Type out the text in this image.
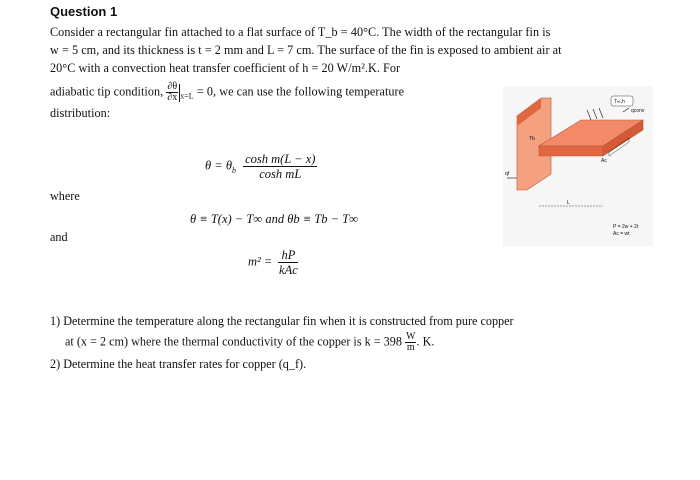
Question 1
Consider a rectangular fin attached to a flat surface of T_b = 40°C. The width of the rectangular fin is
w = 5 cm, and its thickness is t = 2 mm and L = 7 cm. The surface of the fin is exposed to ambient air at
20°C with a convection heat transfer coefficient of h = 20 W/m².K. For
adiabatic tip condition, $\frac{\partial\theta}{\partial x} _{x=L} = 0$, we can use the following temperature
distribution:
$\theta = \theta_b \frac{\text{cosh m(L − x)}}{\text{cosh mL}}$
where
θ ≡ T(x) − T∞ and θb ≡ Tb − T∞
and
m² = hP
kAc
1) Determine the temperature along the rectangular fin when it is constructed from pure copper
at (x = 2 cm) where the thermal conductivity of the copper is $k = 398 \frac{W}{m}$ . K.
2) Determine the heat transfer rates for copper (q_f).
T∞,h
qconv
Tb
qf
Ac
L
P = 2w + 2t
Ac = wt
